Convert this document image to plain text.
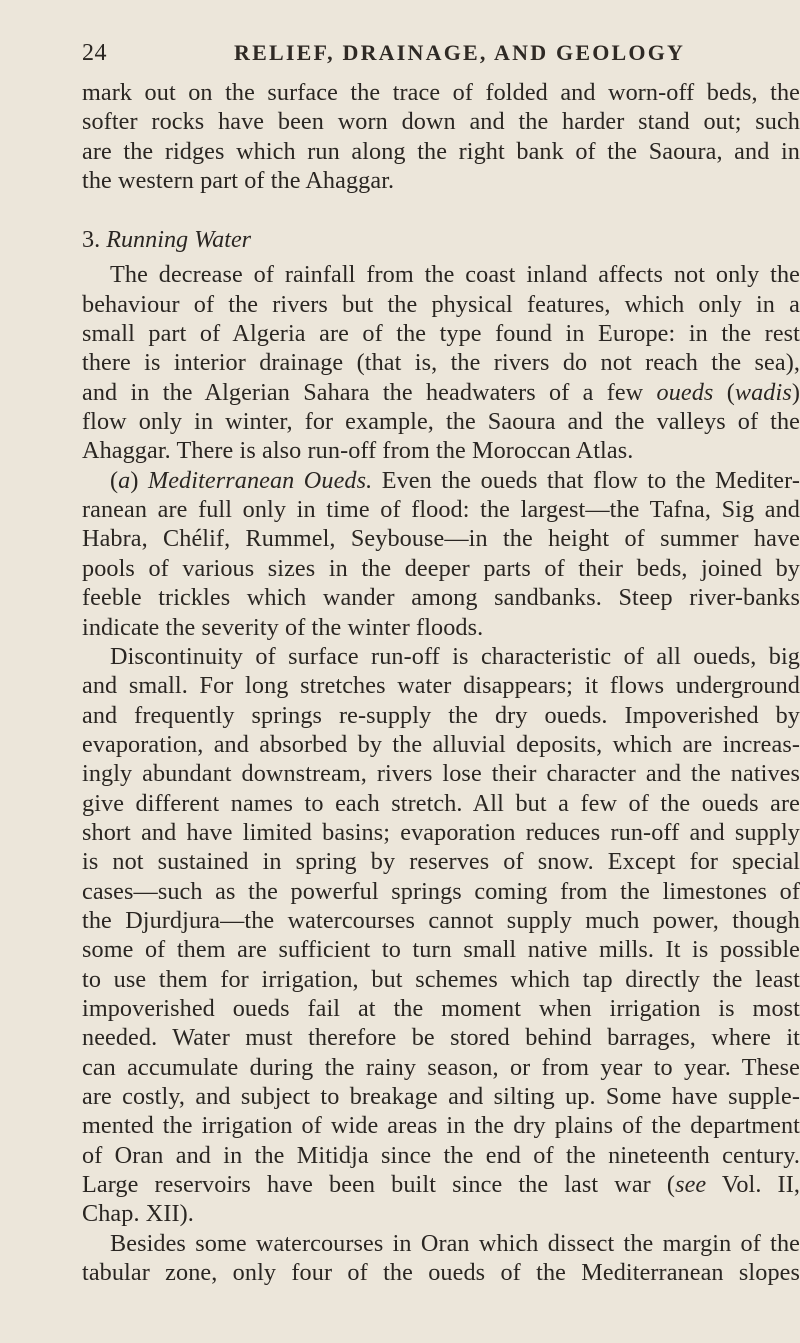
24	RELIEF, DRAINAGE, AND GEOLOGY
mark out on the surface the trace of folded and worn-off beds, the
softer rocks have been worn down and the harder stand out; such
are the ridges which run along the right bank of the Saoura, and in
the western part of the Ahaggar.
3. Running Water
The decrease of rainfall from the coast inland affects not only the
behaviour of the rivers but the physical features, which only in a
small part of Algeria are of the type found in Europe: in the rest
there is interior drainage (that is, the rivers do not reach the sea),
and in the Algerian Sahara the headwaters of a few oueds (wadis)
flow only in winter, for example, the Saoura and the valleys of the
Ahaggar. There is also run-off from the Moroccan Atlas.
(a) Mediterranean Oueds. Even the oueds that flow to the Mediter-
ranean are full only in time of flood: the largest—the Tafna, Sig and
Habra, Chélif, Rummel, Seybouse—in the height of summer have
pools of various sizes in the deeper parts of their beds, joined by
feeble trickles which wander among sandbanks. Steep river-banks
indicate the severity of the winter floods.
Discontinuity of surface run-off is characteristic of all oueds, big
and small. For long stretches water disappears; it flows underground
and frequently springs re-supply the dry oueds. Impoverished by
evaporation, and absorbed by the alluvial deposits, which are increas-
ingly abundant downstream, rivers lose their character and the natives
give different names to each stretch. All but a few of the oueds are
short and have limited basins; evaporation reduces run-off and supply
is not sustained in spring by reserves of snow. Except for special
cases—such as the powerful springs coming from the limestones of
the Djurdjura—the watercourses cannot supply much power, though
some of them are sufficient to turn small native mills. It is possible
to use them for irrigation, but schemes which tap directly the least
impoverished oueds fail at the moment when irrigation is most
needed. Water must therefore be stored behind barrages, where it
can accumulate during the rainy season, or from year to year. These
are costly, and subject to breakage and silting up. Some have supple-
mented the irrigation of wide areas in the dry plains of the department
of Oran and in the Mitidja since the end of the nineteenth century.
Large reservoirs have been built since the last war (see Vol. II,
Chap. XII).
Besides some watercourses in Oran which dissect the margin of the
tabular zone, only four of the oueds of the Mediterranean slopes
